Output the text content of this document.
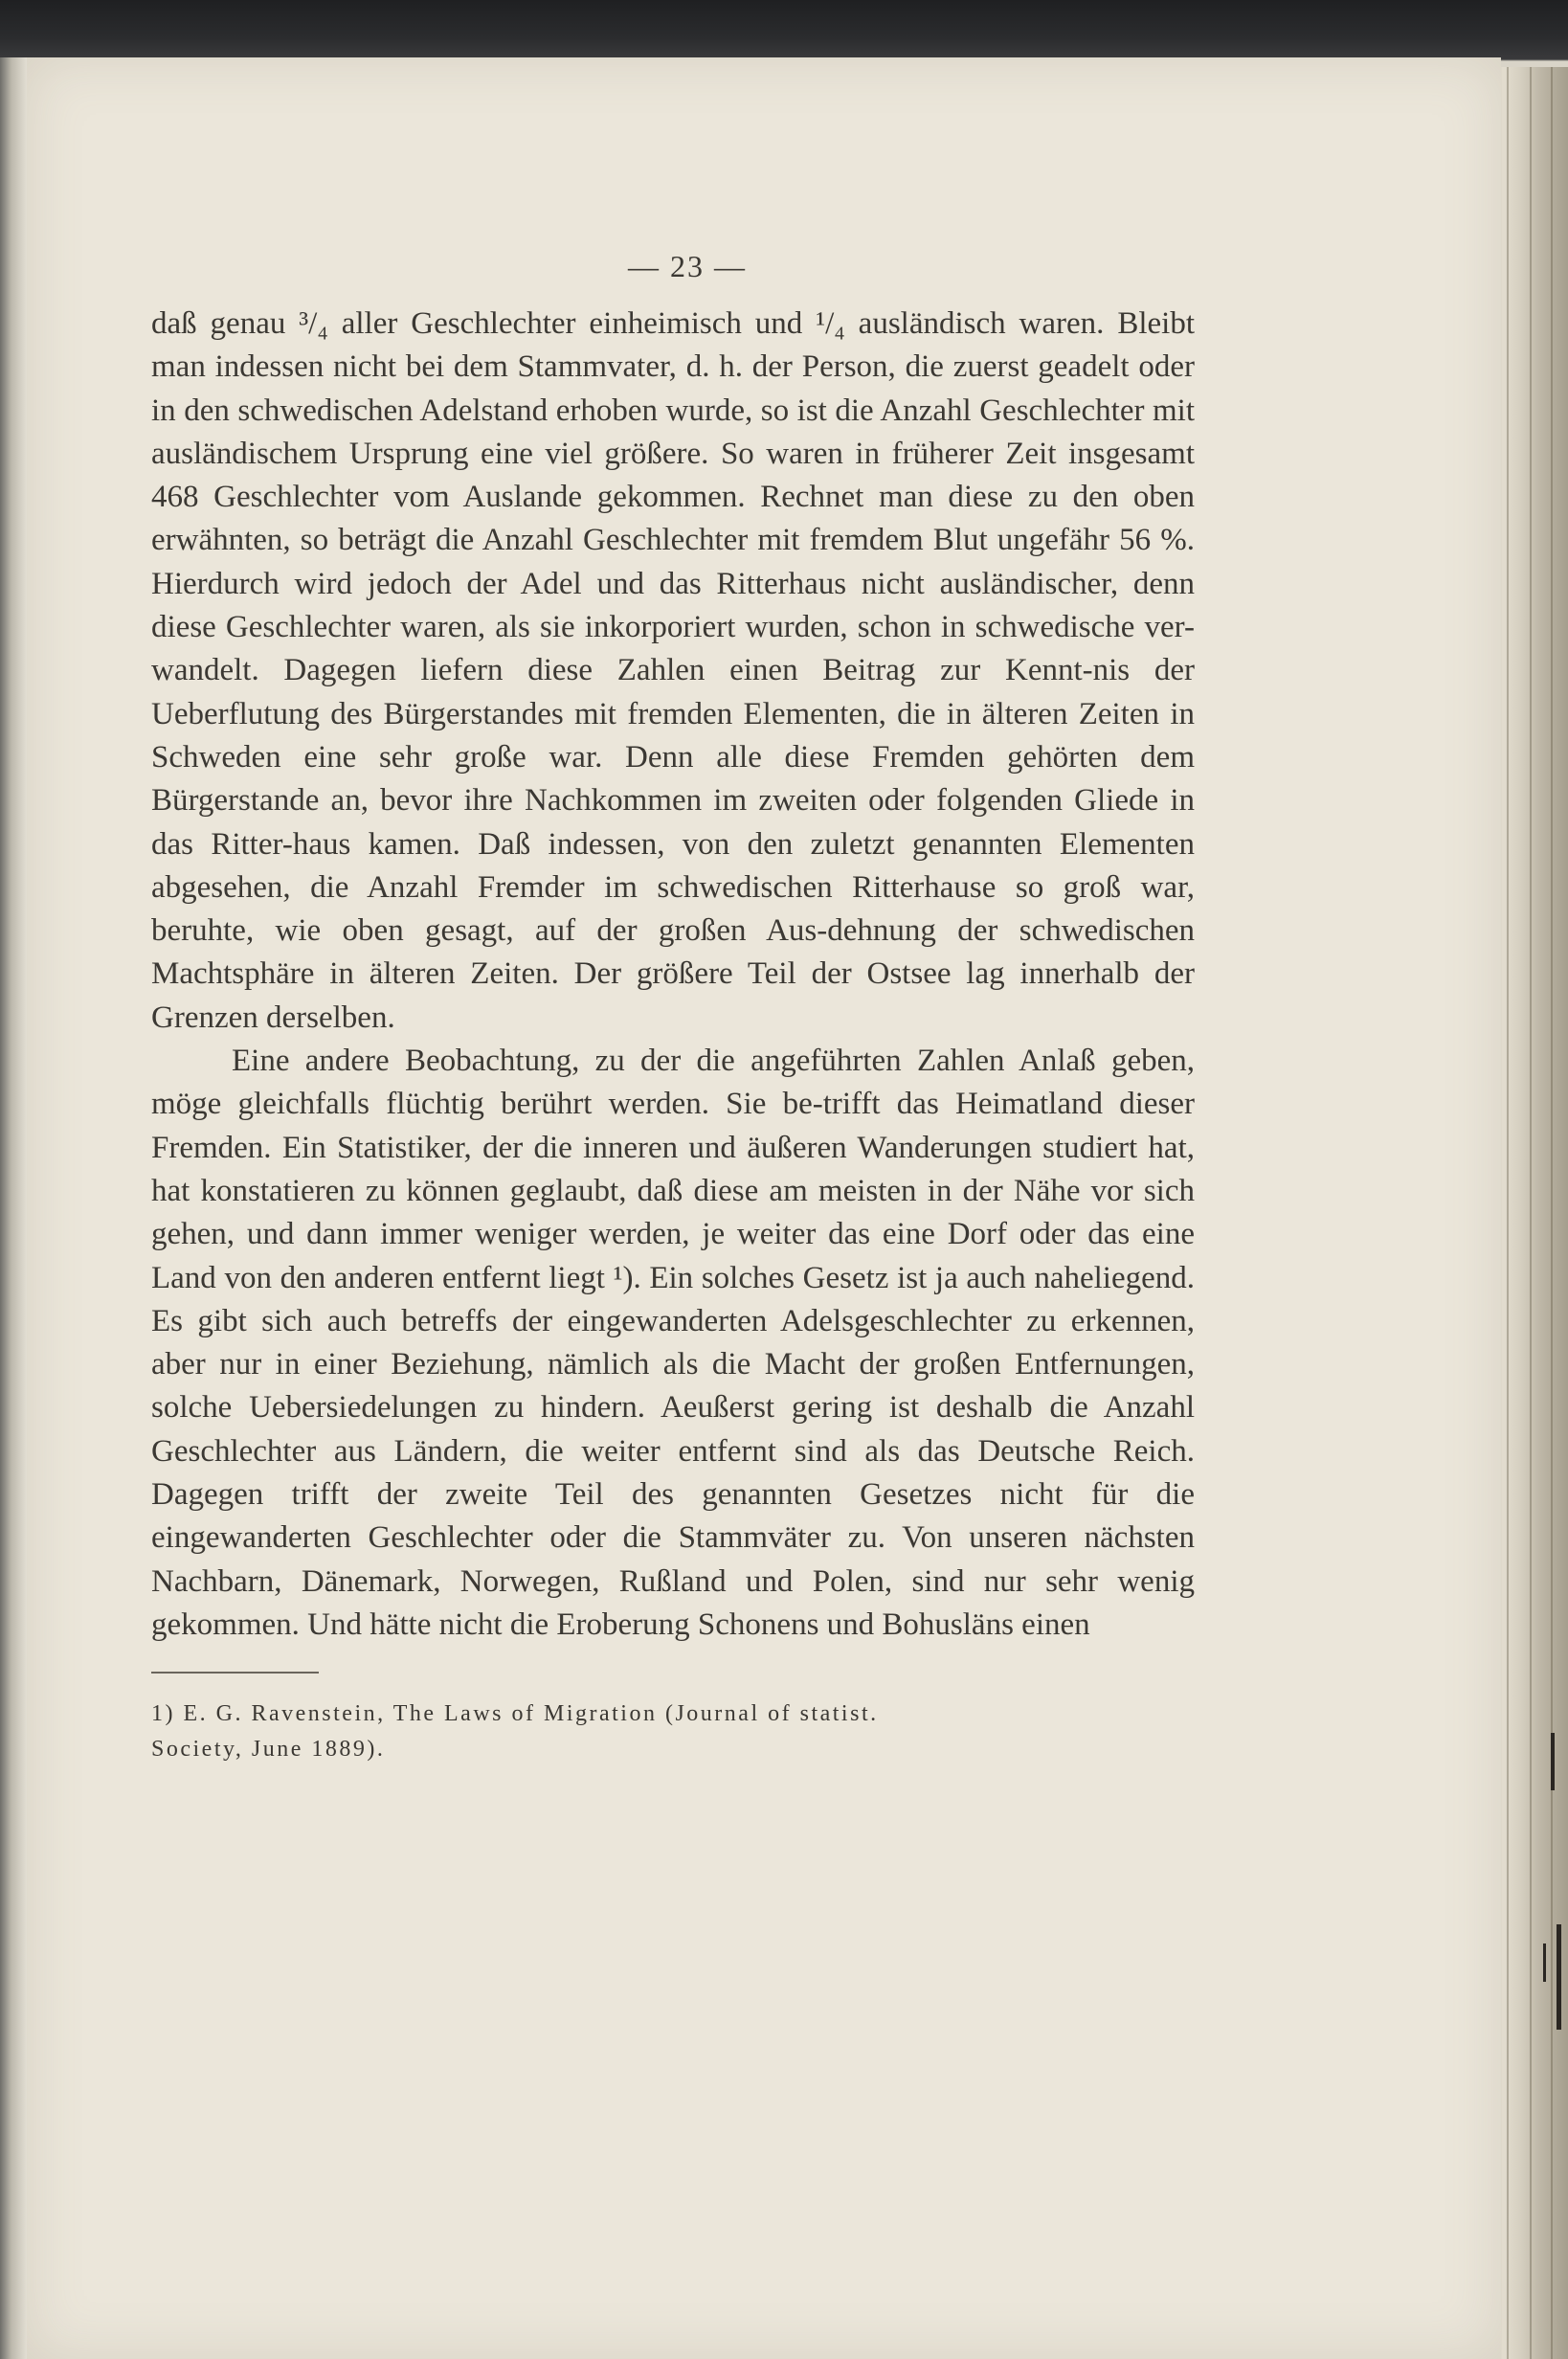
— 23 —

daß genau ³/₄ aller Geschlechter einheimisch und ¹/₄ ausländisch waren. Bleibt man indessen nicht bei dem Stammvater, d. h. der Person, die zuerst geadelt oder in den schwedischen Adelstand erhoben wurde, so ist die Anzahl Geschlechter mit ausländischem Ursprung eine viel größere. So waren in früherer Zeit insgesamt 468 Geschlechter vom Auslande gekommen. Rechnet man diese zu den oben erwähnten, so beträgt die Anzahl Geschlechter mit fremdem Blut ungefähr 56 %. Hierdurch wird jedoch der Adel und das Ritterhaus nicht ausländischer, denn diese Geschlechter waren, als sie inkorporiert wurden, schon in schwedische ver-wandelt. Dagegen liefern diese Zahlen einen Beitrag zur Kennt-nis der Ueberflutung des Bürgerstandes mit fremden Elementen, die in älteren Zeiten in Schweden eine sehr große war. Denn alle diese Fremden gehörten dem Bürgerstande an, bevor ihre Nachkommen im zweiten oder folgenden Gliede in das Ritter-haus kamen. Daß indessen, von den zuletzt genannten Elementen abgesehen, die Anzahl Fremder im schwedischen Ritterhause so groß war, beruhte, wie oben gesagt, auf der großen Aus-dehnung der schwedischen Machtsphäre in älteren Zeiten. Der größere Teil der Ostsee lag innerhalb der Grenzen derselben.

Eine andere Beobachtung, zu der die angeführten Zahlen Anlaß geben, möge gleichfalls flüchtig berührt werden. Sie be-trifft das Heimatland dieser Fremden. Ein Statistiker, der die inneren und äußeren Wanderungen studiert hat, hat konstatieren zu können geglaubt, daß diese am meisten in der Nähe vor sich gehen, und dann immer weniger werden, je weiter das eine Dorf oder das eine Land von den anderen entfernt liegt ¹). Ein solches Gesetz ist ja auch naheliegend. Es gibt sich auch betreffs der eingewanderten Adelsgeschlechter zu erkennen, aber nur in einer Beziehung, nämlich als die Macht der großen Entfernungen, solche Uebersiedelungen zu hindern. Aeußerst gering ist deshalb die Anzahl Geschlechter aus Ländern, die weiter entfernt sind als das Deutsche Reich. Dagegen trifft der zweite Teil des genannten Gesetzes nicht für die eingewanderten Geschlechter oder die Stammväter zu. Von unseren nächsten Nachbarn, Dänemark, Norwegen, Rußland und Polen, sind nur sehr wenig gekommen. Und hätte nicht die Eroberung Schonens und Bohusläns einen

1) E. G. Ravenstein, The Laws of Migration (Journal of statist.
Society, June 1889).
